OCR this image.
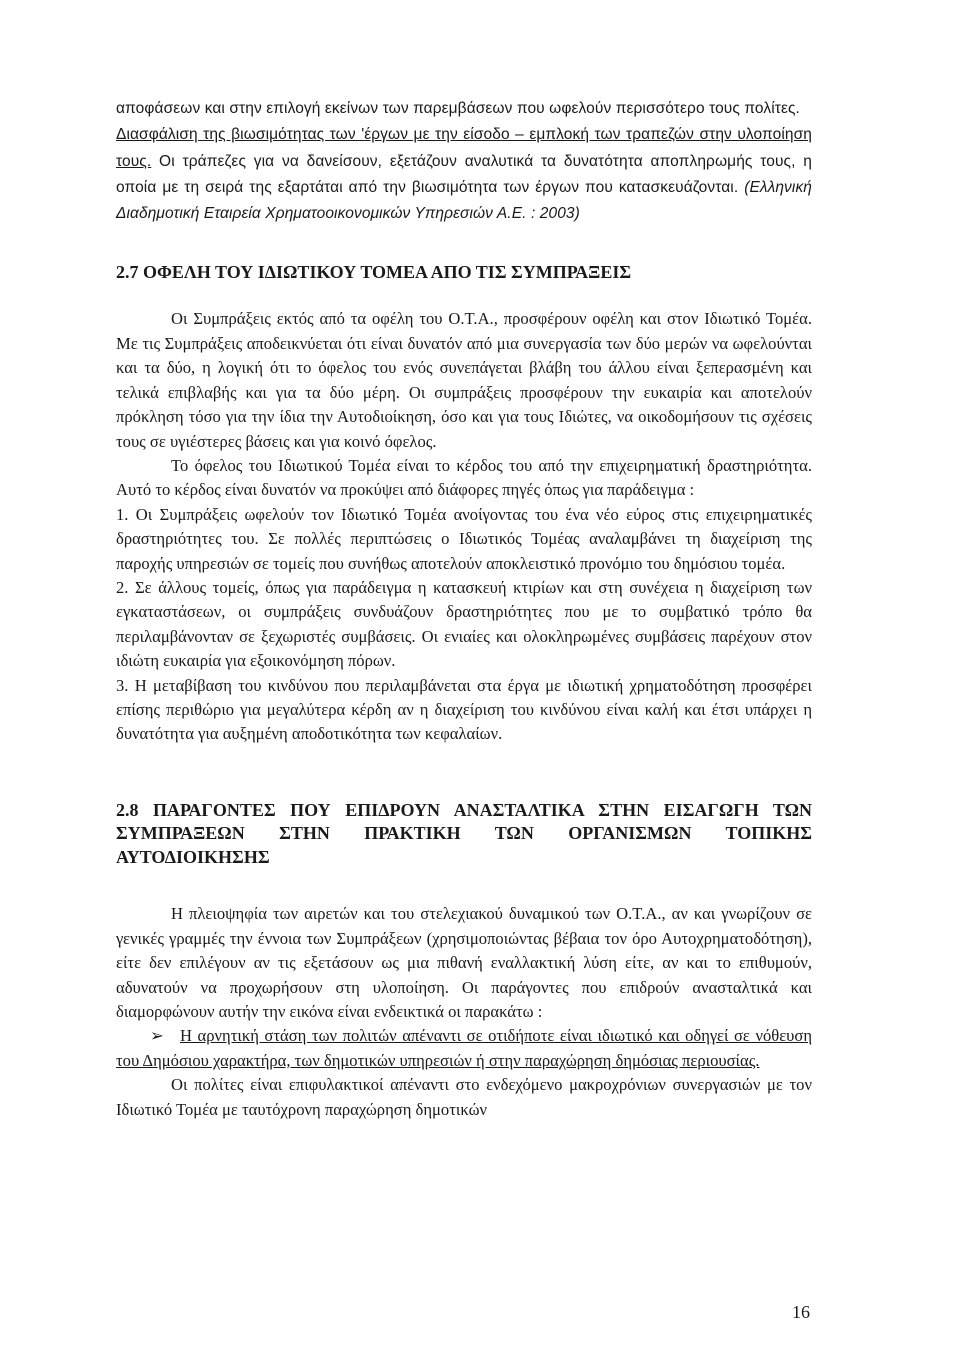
αποφάσεων και στην επιλογή εκείνων των παρεμβάσεων που ωφελούν περισσότερο τους πολίτες.
Διασφάλιση της βιωσιμότητας των 'έργων με την είσοδο – εμπλοκή των τραπεζών στην υλοποίηση τους. Οι τράπεζες για να δανείσουν, εξετάζουν αναλυτικά τα δυνατότητα αποπληρωμής τους, η οποία με τη σειρά της εξαρτάται από την βιωσιμότητα των έργων που κατασκευάζονται. (Ελληνική Διαδημοτική Εταιρεία Χρηματοοικονομικών Υπηρεσιών Α.Ε. : 2003)

2.7 ΟΦΕΛΗ ΤΟΥ ΙΔΙΩΤΙΚΟΥ ΤΟΜΕΑ ΑΠΟ ΤΙΣ ΣΥΜΠΡΑΞΕΙΣ

Οι Συμπράξεις εκτός από τα οφέλη του Ο.Τ.Α., προσφέρουν οφέλη και στον Ιδιωτικό Τομέα. Με τις Συμπράξεις αποδεικνύεται ότι είναι δυνατόν από μια συνεργασία των δύο μερών να ωφελούνται και τα δύο, η λογική ότι το όφελος του ενός συνεπάγεται βλάβη του άλλου είναι ξεπερασμένη και τελικά επιβλαβής και για τα δύο μέρη. Οι συμπράξεις προσφέρουν την ευκαιρία και αποτελούν πρόκληση τόσο για την ίδια την Αυτοδιοίκηση, όσο και για τους Ιδιώτες, να οικοδομήσουν τις σχέσεις τους σε υγιέστερες βάσεις και για κοινό όφελος.

Το όφελος του Ιδιωτικού Τομέα είναι το κέρδος του από την επιχειρηματική δραστηριότητα. Αυτό το κέρδος είναι δυνατόν να προκύψει από διάφορες πηγές όπως για παράδειγμα :

1. Οι Συμπράξεις ωφελούν τον Ιδιωτικό Τομέα ανοίγοντας του ένα νέο εύρος στις επιχειρηματικές δραστηριότητες του. Σε πολλές περιπτώσεις ο Ιδιωτικός Τομέας αναλαμβάνει τη διαχείριση της παροχής υπηρεσιών σε τομείς που συνήθως αποτελούν αποκλειστικό προνόμιο του δημόσιου τομέα.

2. Σε άλλους τομείς, όπως για παράδειγμα η κατασκευή κτιρίων και στη συνέχεια η διαχείριση των εγκαταστάσεων, οι συμπράξεις συνδυάζουν δραστηριότητες που με το συμβατικό τρόπο θα περιλαμβάνονταν σε ξεχωριστές συμβάσεις. Οι ενιαίες και ολοκληρωμένες συμβάσεις παρέχουν στον ιδιώτη ευκαιρία για εξοικονόμηση πόρων.

3. Η μεταβίβαση του κινδύνου που περιλαμβάνεται στα έργα με ιδιωτική χρηματοδότηση προσφέρει επίσης περιθώριο για μεγαλύτερα κέρδη αν η διαχείριση του κινδύνου είναι καλή και έτσι υπάρχει η δυνατότητα για αυξημένη αποδοτικότητα των κεφαλαίων.

2.8 ΠΑΡΑΓΟΝΤΕΣ ΠΟΥ ΕΠΙΔΡΟΥΝ ΑΝΑΣΤΑΛΤΙΚΑ ΣΤΗΝ ΕΙΣΑΓΩΓΗ ΤΩΝ ΣΥΜΠΡΑΞΕΩΝ ΣΤΗΝ ΠΡΑΚΤΙΚΗ ΤΩΝ ΟΡΓΑΝΙΣΜΩΝ ΤΟΠΙΚΗΣ ΑΥΤΟΔΙΟΙΚΗΣΗΣ

Η πλειοψηφία των αιρετών και του στελεχιακού δυναμικού των Ο.Τ.Α., αν και γνωρίζουν σε γενικές γραμμές την έννοια των Συμπράξεων (χρησιμοποιώντας βέβαια τον όρο Αυτοχρηματοδότηση), είτε δεν επιλέγουν αν τις εξετάσουν ως μια πιθανή εναλλακτική λύση είτε, αν και το επιθυμούν, αδυνατούν να προχωρήσουν στη υλοποίηση. Οι παράγοντες που επιδρούν ανασταλτικά και διαμορφώνουν αυτήν την εικόνα είναι ενδεικτικά οι παρακάτω :

➢ Η αρνητική στάση των πολιτών απέναντι σε οτιδήποτε είναι ιδιωτικό και οδηγεί σε νόθευση του Δημόσιου χαρακτήρα, των δημοτικών υπηρεσιών ή στην παραχώρηση δημόσιας περιουσίας.

Οι πολίτες είναι επιφυλακτικοί απέναντι στο ενδεχόμενο μακροχρόνιων συνεργασιών με τον Ιδιωτικό Τομέα με ταυτόχρονη παραχώρηση δημοτικών

16
